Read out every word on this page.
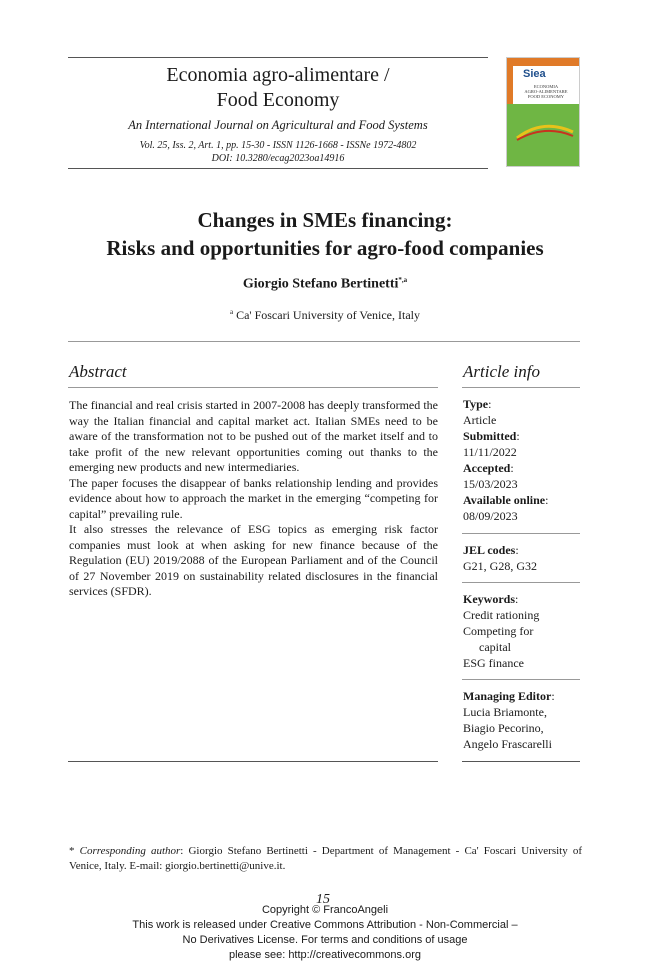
Economia agro-alimentare /
Food Economy
An International Journal on Agricultural and Food Systems
Vol. 25, Iss. 2, Art. 1, pp. 15-30 - ISSN 1126-1668 - ISSNe 1972-4802
DOI: 10.3280/ecag2023oa14916
Siea
ECONOMIA
AGRO-ALIMENTARE
FOOD ECONOMY
Changes in SMEs financing:
Risks and opportunities for agro-food companies
Giorgio Stefano Bertinetti$^{*,a}$
$^a$ Ca' Foscari University of Venice, Italy
Abstract

The financial and real crisis started in 2007-2008 has deeply transformed the way the Italian financial and capital market act. Italian SMEs need to be aware of the transformation not to be pushed out of the market itself and to take profit of the new relevant opportunities coming out thanks to the emerging new products and new intermediaries.

The paper focuses the disappear of banks relationship lending and provides evidence about how to approach the market in the emerging “competing for capital” prevailing rule.

It also stresses the relevance of ESG topics as emerging risk factor companies must look at when asking for new finance because of the Regulation (EU) 2019/2088 of the European Parliament and of the Council of 27 November 2019 on sustainability related disclosures in the financial services (SFDR).

Article info
Type:
Article
Submitted:
11/11/2022
Accepted:
15/03/2023
Available online:
08/09/2023
JEL codes:
G21, G28, G32
Keywords:
Credit rationing
Competing for
capital
ESG finance
Managing Editor:
Lucia Briamonte,
Biagio Pecorino,
Angelo Frascarelli
* Corresponding author: Giorgio Stefano Bertinetti - Department of Management - Ca' Foscari University of Venice, Italy. E-mail: giorgio.bertinetti@unive.it.
15
Copyright © FrancoAngeli
This work is released under Creative Commons Attribution - Non-Commercial –
No Derivatives License. For terms and conditions of usage
please see: http://creativecommons.org
